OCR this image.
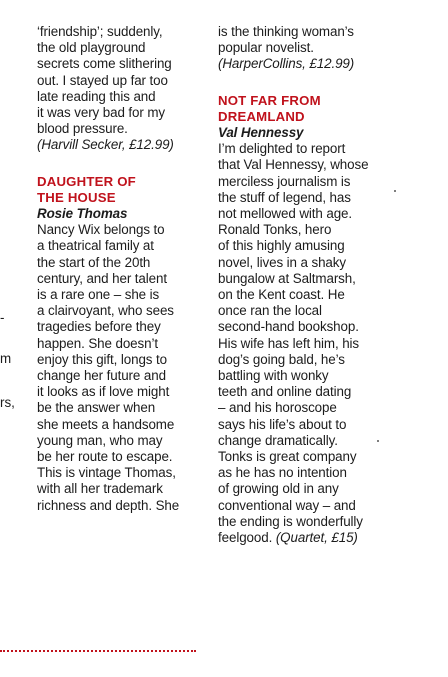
-
m
rs,
‘friendship’; suddenly,
the old playground
secrets come slithering
out. I stayed up far too
late reading this and
it was very bad for my
blood pressure.
(Harvill Secker, £12.99)
DAUGHTER OF
THE HOUSE
Rosie Thomas
Nancy Wix belongs to
a theatrical family at
the start of the 20th
century, and her talent
is a rare one – she is
a clairvoyant, who sees
tragedies before they
happen. She doesn’t
enjoy this gift, longs to
change her future and
it looks as if love might
be the answer when
she meets a handsome
young man, who may
be her route to escape.
This is vintage Thomas,
with all her trademark
richness and depth. She
is the thinking woman’s
popular novelist.
(HarperCollins, £12.99)
NOT FAR FROM
DREAMLAND
Val Hennessy
I’m delighted to report
that Val Hennessy, whose
merciless journalism is
the stuff of legend, has
not mellowed with age.
Ronald Tonks, hero
of this highly amusing
novel, lives in a shaky
bungalow at Saltmarsh,
on the Kent coast. He
once ran the local
second-hand bookshop.
His wife has left him, his
dog’s going bald, he’s
battling with wonky
teeth and online dating
– and his horoscope
says his life’s about to
change dramatically.
Tonks is great company
as he has no intention
of growing old in any
conventional way – and
the ending is wonderfully
feelgood. (Quartet, £15)
